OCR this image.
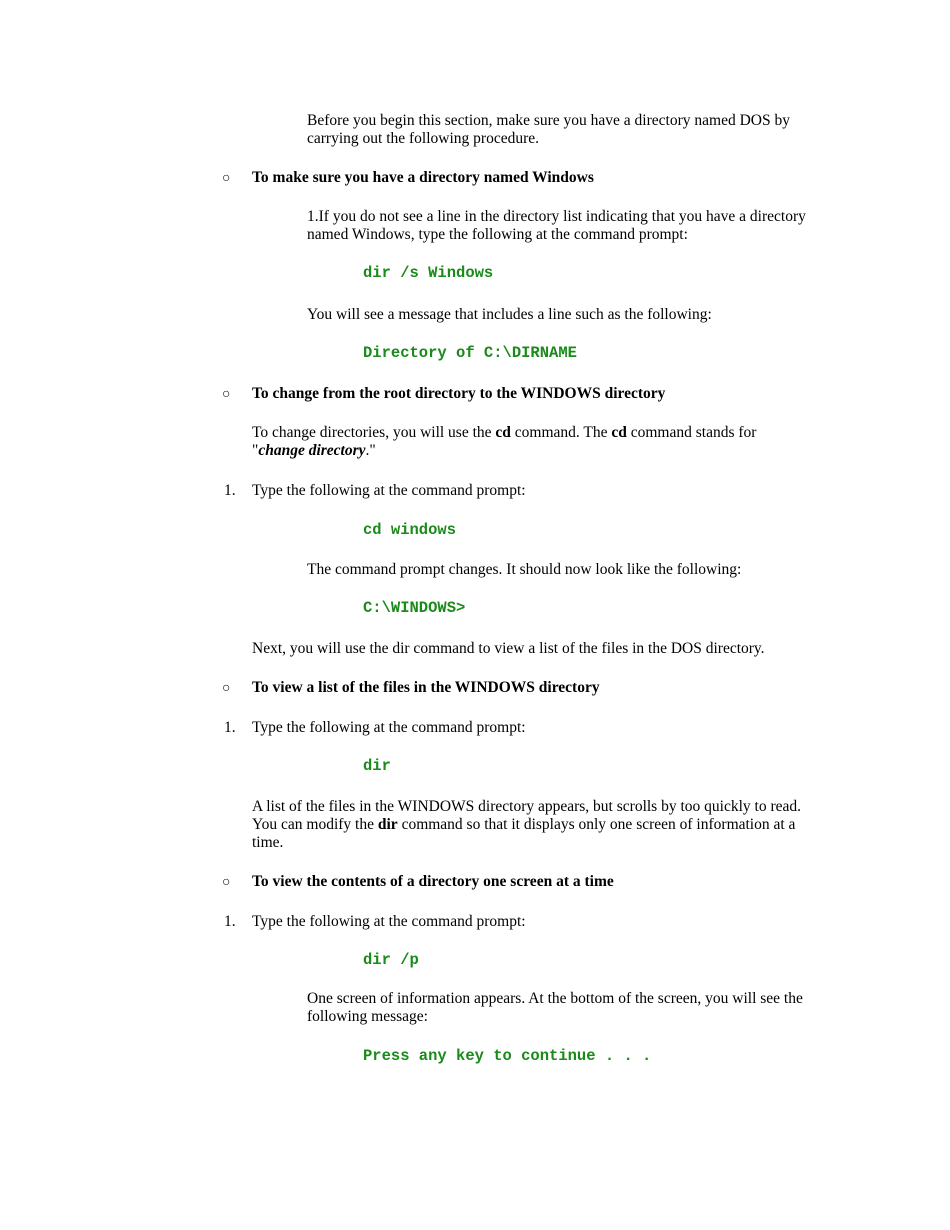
Before you begin this section, make sure you have a directory named DOS by
carrying out the following procedure.

○ To make sure you have a directory named Windows

1.If you do not see a line in the directory list indicating that you have a directory
named Windows, type the following at the command prompt:

dir /s Windows

You will see a message that includes a line such as the following:

Directory of C:\DIRNAME

○ To change from the root directory to the WINDOWS directory

To change directories, you will use the cd command. The cd command stands for
"change directory."

1. Type the following at the command prompt:

cd windows

The command prompt changes. It should now look like the following:

C:\WINDOWS>

Next, you will use the dir command to view a list of the files in the DOS directory.

○ To view a list of the files in the WINDOWS directory

1. Type the following at the command prompt:

dir

A list of the files in the WINDOWS directory appears, but scrolls by too quickly to read.
You can modify the dir command so that it displays only one screen of information at a
time.

○ To view the contents of a directory one screen at a time

1. Type the following at the command prompt:

dir /p

One screen of information appears. At the bottom of the screen, you will see the
following message:

Press any key to continue . . .
